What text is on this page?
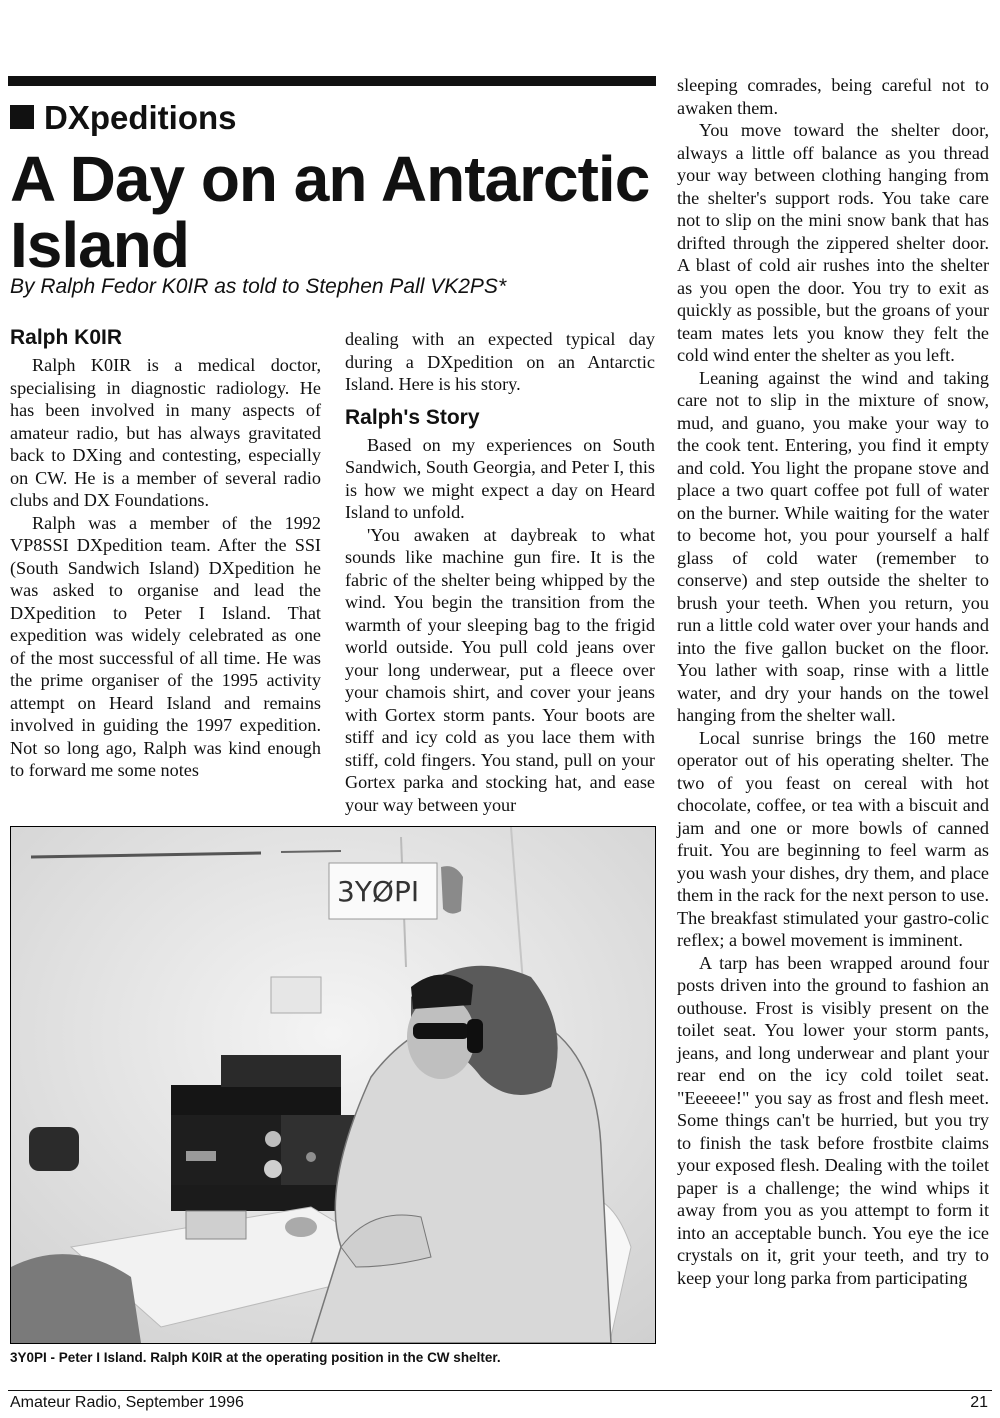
DXpeditions
A Day on an Antarctic Island
By Ralph Fedor K0IR as told to Stephen Pall VK2PS*
Ralph K0IR

Ralph K0IR is a medical doctor, specialising in diagnostic radiology. He has been involved in many aspects of amateur radio, but has always gravitated back to DXing and contesting, especially on CW. He is a member of several radio clubs and DX Foundations.

Ralph was a member of the 1992 VP8SSI DXpedition team. After the SSI (South Sandwich Island) DXpedition he was asked to organise and lead the DXpedition to Peter I Island. That expedition was widely celebrated as one of the most successful of all time. He was the prime organiser of the 1995 activity attempt on Heard Island and remains involved in guiding the 1997 expedition. Not so long ago, Ralph was kind enough to forward me some notes

dealing with an expected typical day during a DXpedition on an Antarctic Island. Here is his story.

Ralph's Story

Based on my experiences on South Sandwich, South Georgia, and Peter I, this is how we might expect a day on Heard Island to unfold.

'You awaken at daybreak to what sounds like machine gun fire. It is the fabric of the shelter being whipped by the wind. You begin the transition from the warmth of your sleeping bag to the frigid world outside. You pull cold jeans over your long underwear, put a fleece over your chamois shirt, and cover your jeans with Gortex storm pants. Your boots are stiff and icy cold as you lace them with stiff, cold fingers. You stand, pull on your Gortex parka and stocking hat, and ease your way between your

sleeping comrades, being careful not to awaken them.

You move toward the shelter door, always a little off balance as you thread your way between clothing hanging from the shelter's support rods. You take care not to slip on the mini snow bank that has drifted through the zippered shelter door. A blast of cold air rushes into the shelter as you open the door. You try to exit as quickly as possible, but the groans of your team mates lets you know they felt the cold wind enter the shelter as you left.

Leaning against the wind and taking care not to slip in the mixture of snow, mud, and guano, you make your way to the cook tent. Entering, you find it empty and cold. You light the propane stove and place a two quart coffee pot full of water on the burner. While waiting for the water to become hot, you pour yourself a half glass of cold water (remember to conserve) and step outside the shelter to brush your teeth. When you return, you run a little cold water over your hands and into the five gallon bucket on the floor. You lather with soap, rinse with a little water, and dry your hands on the towel hanging from the shelter wall.

Local sunrise brings the 160 metre operator out of his operating shelter. The two of you feast on cereal with hot chocolate, coffee, or tea with a biscuit and jam and one or more bowls of canned fruit. You are beginning to feel warm as you wash your dishes, dry them, and place them in the rack for the next person to use. The breakfast stimulated your gastro-colic reflex; a bowel movement is imminent.

A tarp has been wrapped around four posts driven into the ground to fashion an outhouse. Frost is visibly present on the toilet seat. You lower your storm pants, jeans, and long underwear and plant your rear end on the icy cold toilet seat. "Eeeeee!" you say as frost and flesh meet. Some things can't be hurried, but you try to finish the task before frostbite claims your exposed flesh. Dealing with the toilet paper is a challenge; the wind whips it away from you as you attempt to form it into an acceptable bunch. You eye the ice crystals on it, grit your teeth, and try to keep your long parka from participating

3YØPI
3Y0PI - Peter I Island. Ralph K0IR at the operating position in the CW shelter.
Amateur Radio, September 1996	21
